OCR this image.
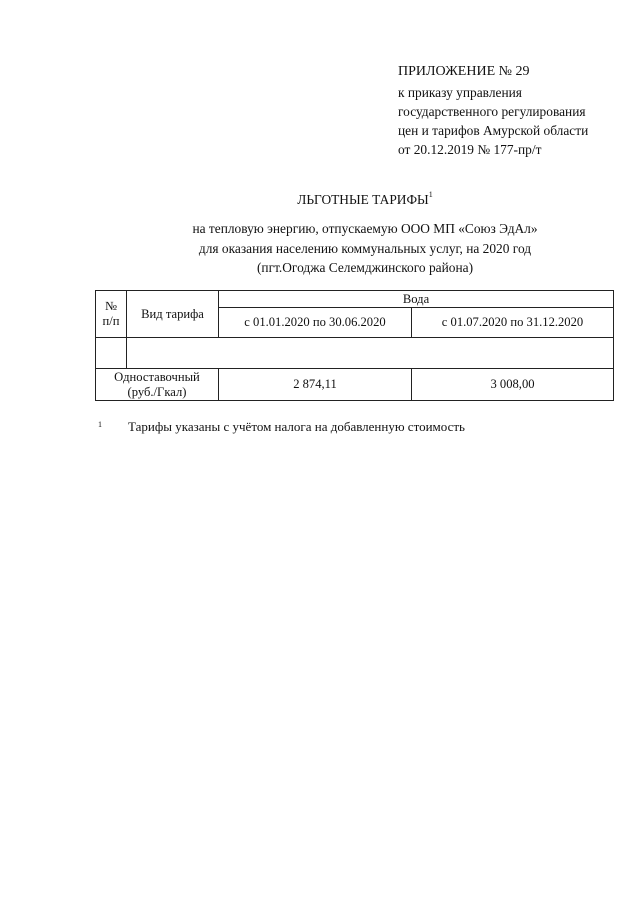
ПРИЛОЖЕНИЕ № 29
к приказу управления
государственного регулирования
цен и тарифов Амурской области
от 20.12.2019 № 177-пр/т
ЛЬГОТНЫЕ ТАРИФЫ$^1$
на тепловую энергию, отпускаемую ООО МП «Союз ЭдАл»
для оказания населению коммунальных услуг, на 2020 год
(пгт.Огоджа Селемджинского района)
№
п/п	Вид тарифа	Вода	
		с 01.01.2020 по 30.06.2020	с 01.07.2020 по 31.12.2020

Одноставочный
(руб./Гкал)		2 874,11	3 008,00
1 Тарифы указаны с учётом налога на добавленную стоимость
